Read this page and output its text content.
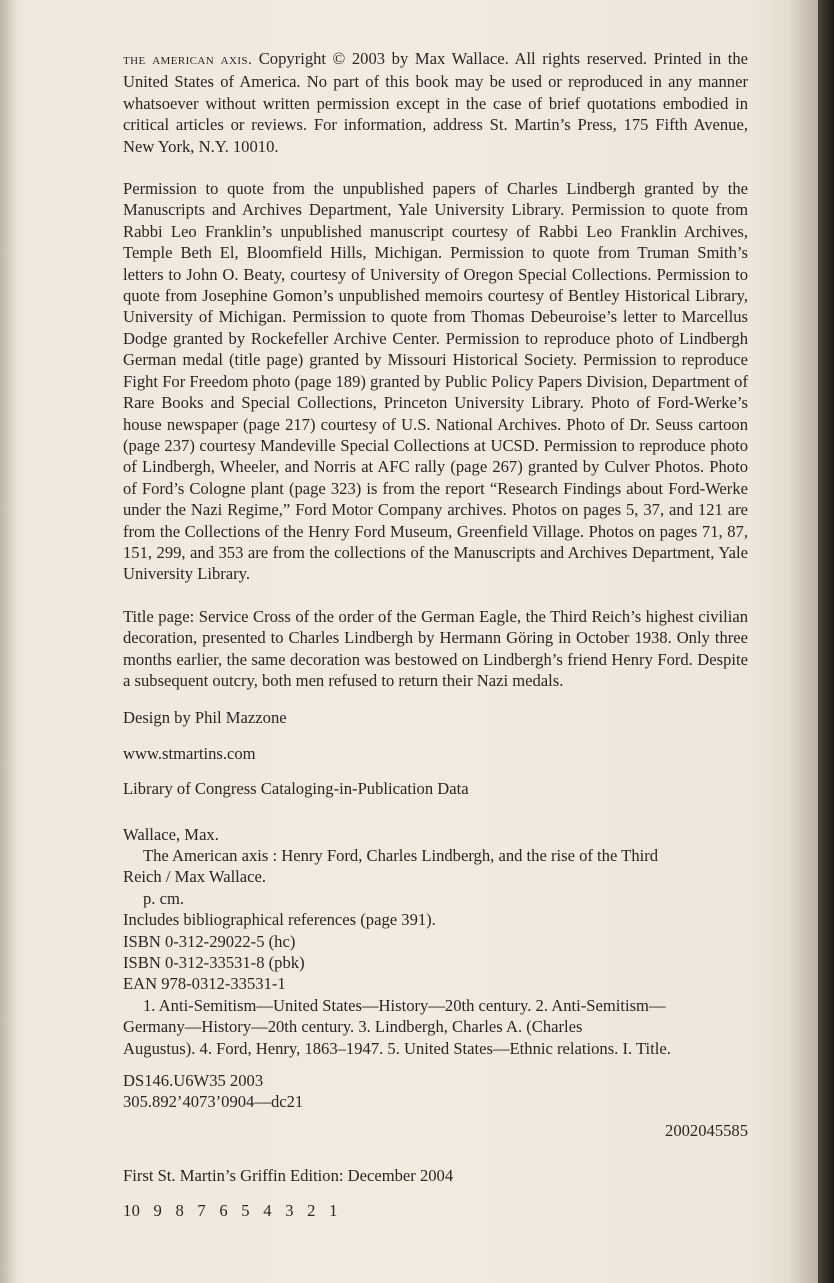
the american axis. Copyright © 2003 by Max Wallace. All rights reserved. Printed in the United States of America. No part of this book may be used or reproduced in any manner whatsoever without written permission except in the case of brief quotations embodied in critical articles or reviews. For information, address St. Martin’s Press, 175 Fifth Avenue, New York, N.Y. 10010.

Permission to quote from the unpublished papers of Charles Lindbergh granted by the Manuscripts and Archives Department, Yale University Library. Permission to quote from Rabbi Leo Franklin’s unpublished manuscript courtesy of Rabbi Leo Franklin Archives, Temple Beth El, Bloomfield Hills, Michigan. Permission to quote from Truman Smith’s letters to John O. Beaty, courtesy of University of Oregon Special Collections. Permission to quote from Josephine Gomon’s unpublished memoirs courtesy of Bentley Historical Library, University of Michigan. Permission to quote from Thomas Debeuroise’s letter to Marcellus Dodge granted by Rockefeller Archive Center. Permission to reproduce photo of Lindbergh German medal (title page) granted by Missouri Historical Society. Permission to reproduce Fight For Freedom photo (page 189) granted by Public Policy Papers Division, Department of Rare Books and Special Collections, Princeton University Library. Photo of Ford-Werke’s house newspaper (page 217) courtesy of U.S. National Archives. Photo of Dr. Seuss cartoon (page 237) courtesy Mandeville Special Collections at UCSD. Permission to reproduce photo of Lindbergh, Wheeler, and Norris at AFC rally (page 267) granted by Culver Photos. Photo of Ford’s Cologne plant (page 323) is from the report “Research Findings about Ford-Werke under the Nazi Regime,” Ford Motor Company archives. Photos on pages 5, 37, and 121 are from the Collections of the Henry Ford Museum, Greenfield Village. Photos on pages 71, 87, 151, 299, and 353 are from the collections of the Manuscripts and Archives Department, Yale University Library.

Title page: Service Cross of the order of the German Eagle, the Third Reich’s highest civilian decoration, presented to Charles Lindbergh by Hermann Göring in October 1938. Only three months earlier, the same decoration was bestowed on Lindbergh’s friend Henry Ford. Despite a subsequent outcry, both men refused to return their Nazi medals.

Design by Phil Mazzone

www.stmartins.com

Library of Congress Cataloging-in-Publication Data

Wallace, Max.

The American axis : Henry Ford, Charles Lindbergh, and the rise of the Third

Reich / Max Wallace.

p. cm.

Includes bibliographical references (page 391).

ISBN 0-312-29022-5 (hc)

ISBN 0-312-33531-8 (pbk)

EAN 978-0312-33531-1

1. Anti-Semitism—United States—History—20th century. 2. Anti-Semitism—

Germany—History—20th century. 3. Lindbergh, Charles A. (Charles

Augustus). 4. Ford, Henry, 1863–1947. 5. United States—Ethnic relations. I. Title.

DS146.U6W35 2003

305.892’4073’0904—dc21

2002045585

First St. Martin’s Griffin Edition: December 2004

10   9   8   7   6   5   4   3   2   1
